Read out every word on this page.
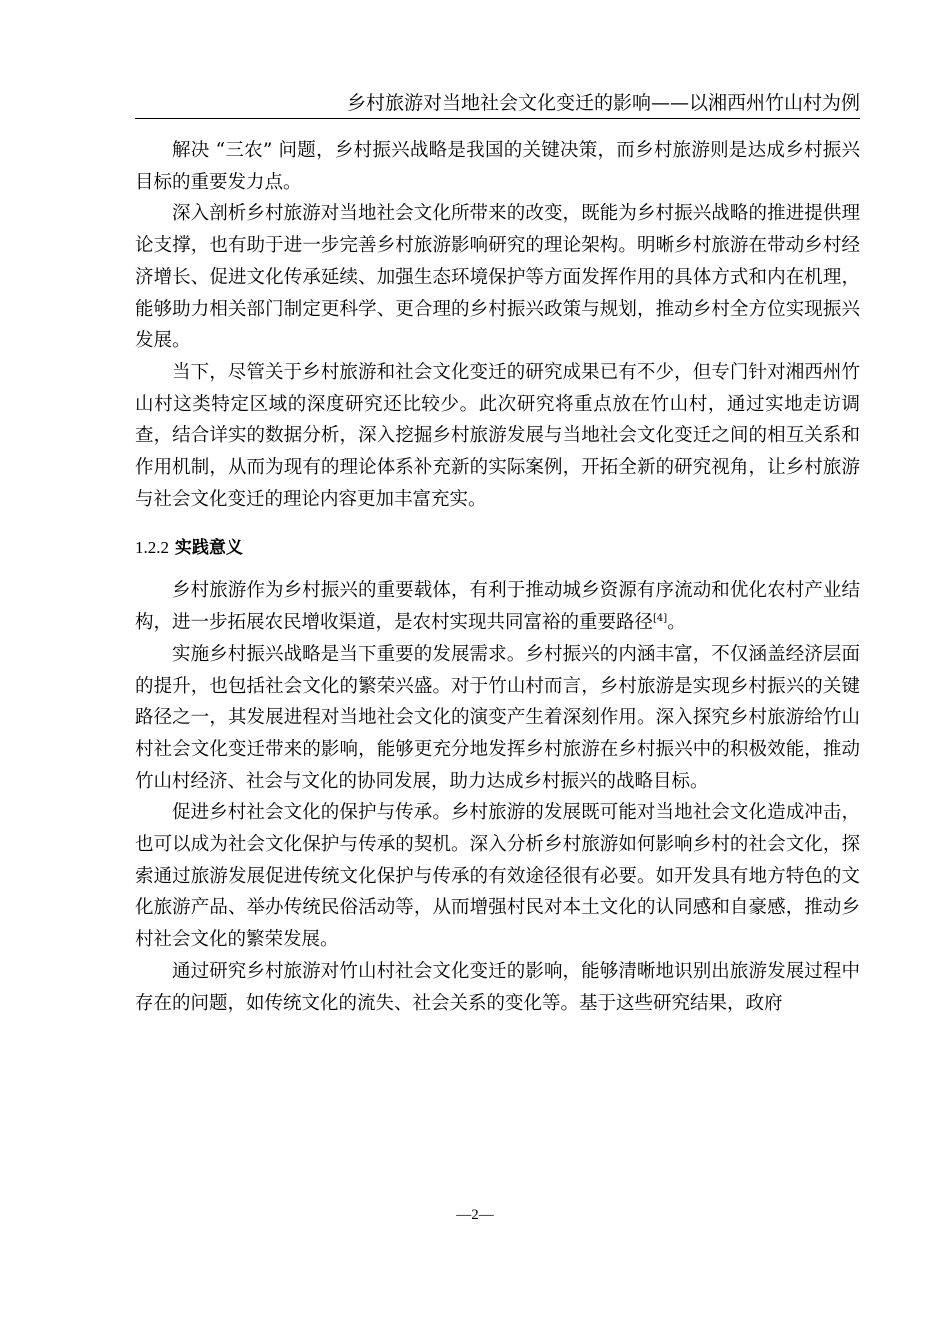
乡村旅游对当地社会文化变迁的影响——以湘西州竹山村为例

解决 “三农” 问题，乡村振兴战略是我国的关键决策，而乡村旅游则是达成乡村振兴目标的重要发力点。

深入剖析乡村旅游对当地社会文化所带来的改变，既能为乡村振兴战略的推进提供理论支撑，也有助于进一步完善乡村旅游影响研究的理论架构。明晰乡村旅游在带动乡村经济增长、促进文化传承延续、加强生态环境保护等方面发挥作用的具体方式和内在机理，能够助力相关部门制定更科学、更合理的乡村振兴政策与规划，推动乡村全方位实现振兴发展。

当下，尽管关于乡村旅游和社会文化变迁的研究成果已有不少，但专门针对湘西州竹山村这类特定区域的深度研究还比较少。此次研究将重点放在竹山村，通过实地走访调查，结合详实的数据分析，深入挖掘乡村旅游发展与当地社会文化变迁之间的相互关系和作用机制，从而为现有的理论体系补充新的实际案例，开拓全新的研究视角，让乡村旅游与社会文化变迁的理论内容更加丰富充实。

1.2.2 实践意义

乡村旅游作为乡村振兴的重要载体，有利于推动城乡资源有序流动和优化农村产业结构，进一步拓展农民增收渠道，是农村实现共同富裕的重要路径[4]。

实施乡村振兴战略是当下重要的发展需求。乡村振兴的内涵丰富，不仅涵盖经济层面的提升，也包括社会文化的繁荣兴盛。对于竹山村而言，乡村旅游是实现乡村振兴的关键路径之一，其发展进程对当地社会文化的演变产生着深刻作用。深入探究乡村旅游给竹山村社会文化变迁带来的影响，能够更充分地发挥乡村旅游在乡村振兴中的积极效能，推动竹山村经济、社会与文化的协同发展，助力达成乡村振兴的战略目标。

促进乡村社会文化的保护与传承。乡村旅游的发展既可能对当地社会文化造成冲击，也可以成为社会文化保护与传承的契机。深入分析乡村旅游如何影响乡村的社会文化，探索通过旅游发展促进传统文化保护与传承的有效途径很有必要。如开发具有地方特色的文化旅游产品、举办传统民俗活动等，从而增强村民对本土文化的认同感和自豪感，推动乡村社会文化的繁荣发展。

通过研究乡村旅游对竹山村社会文化变迁的影响，能够清晰地识别出旅游发展过程中存在的问题，如传统文化的流失、社会关系的变化等。基于这些研究结果，政府

—2—
